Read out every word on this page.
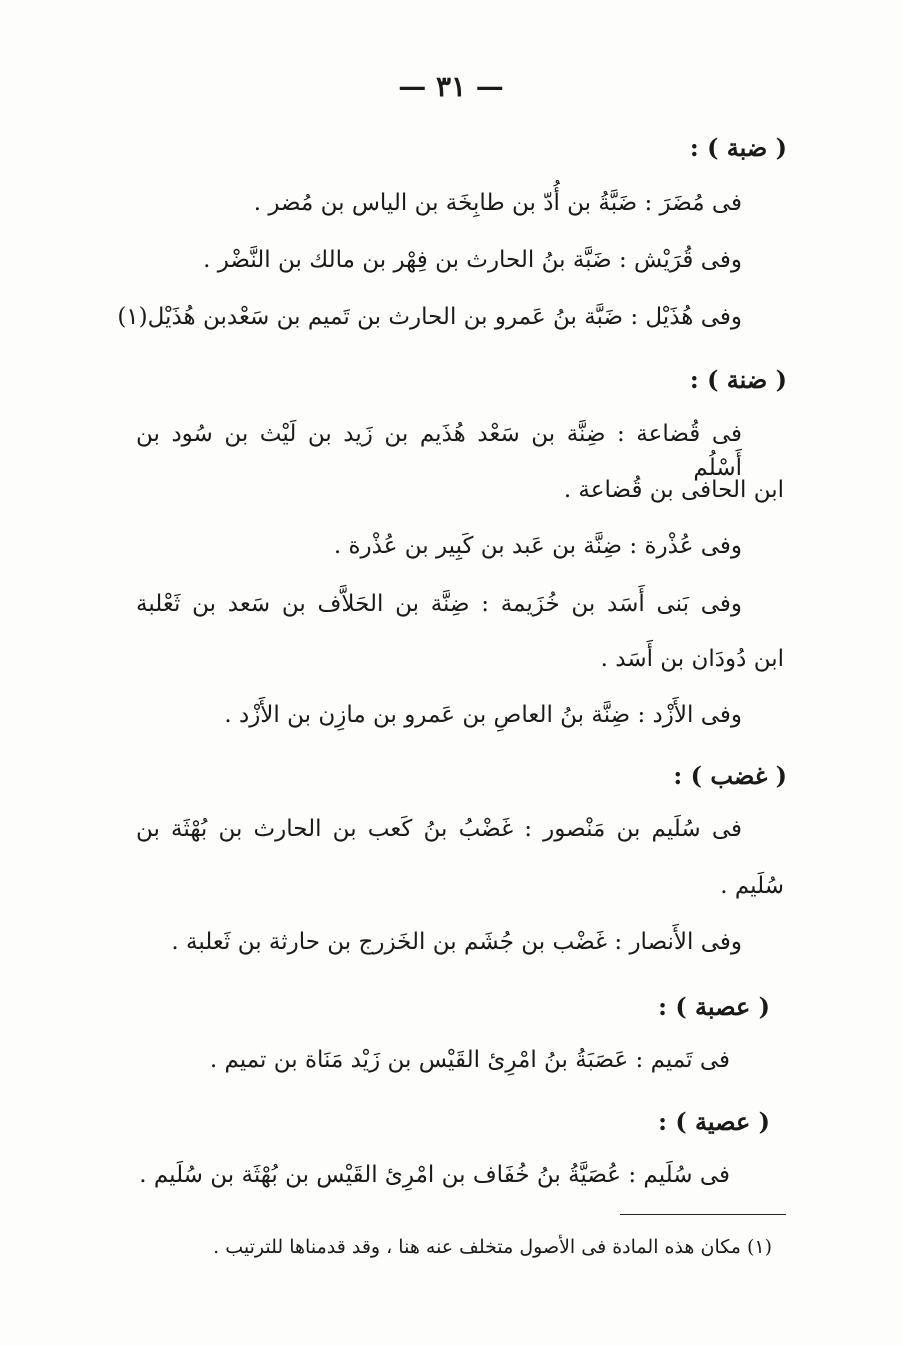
— ٣١ —
( ضبة ) :
فى مُضَرَ : ضَبَّةُ بن أُدّ بن طابِخَة بن الياس بن مُضر .
وفى قُرَيْش : ضَبَّة بنُ الحارث بن فِهْر بن مالك بن النَّضْر .
وفى هُذَيْل : ضَبَّة بنُ عَمرو بن الحارث بن تَميم بن سَعْدبن هُذَيْل(١)
( ضنة ) :
فى قُضاعة : ضِنَّة بن سَعْد هُذَيم بن زَيد بن لَيْث بن سُود بن أَسْلُم
ابن الحافى بن قُضاعة .
وفى عُذْرة : ضِنَّة بن عَبد بن كَبِير بن عُذْرة .
وفى بَنى أَسَد بن خُزَيمة : ضِنَّة بن الحَلاَّف بن سَعد بن ثَعْلبة
ابن دُودَان بن أَسَد .
وفى الأَزْد : ضِنَّة بنُ العاصِ بن عَمرو بن مازِن بن الأَزْد .
( غضب ) :
فى سُلَيم بن مَنْصور : غَضْبُ بنُ كَعب بن الحارث بن بُهْثَة بن
سُلَيم .
وفى الأَنصار : غَضْب بن جُشَم بن الخَزرج بن حارثة بن ثَعلبة .
( عصبة ) :
فى تَميم : عَصَبَةُ بنُ امْرِئ القَيْس بن زَيْد مَنَاة بن تميم .
( عصية ) :
فى سُلَيم : عُصَيَّةُ بنُ خُفَاف بن امْرِئ القَيْس بن بُهْثَة بن سُلَيم .
(١) مكان هذه المادة فى الأصول متخلف عنه هنا ، وقد قدمناها للترتيب .
